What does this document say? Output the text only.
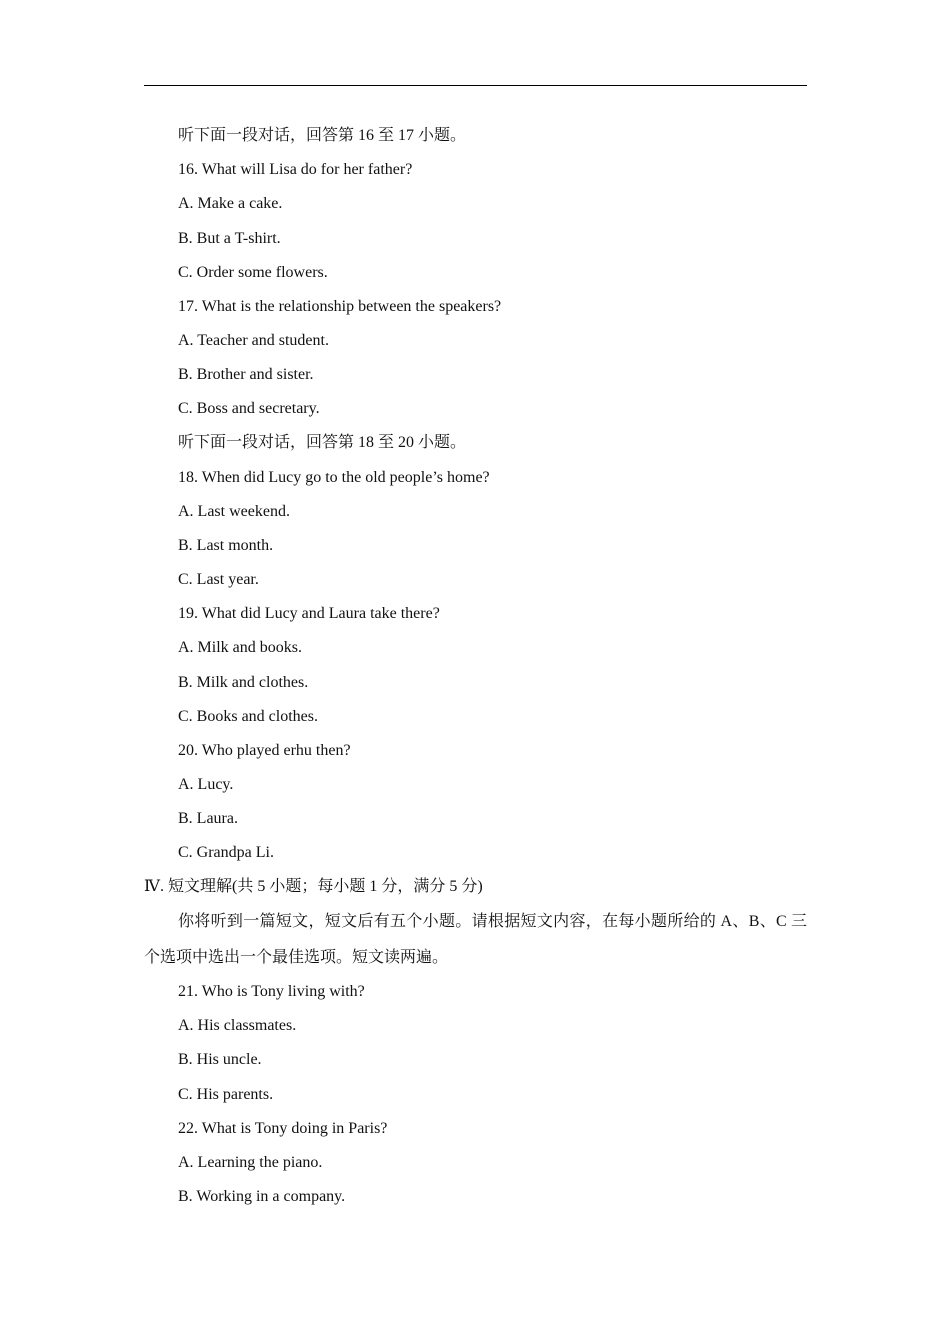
听下面一段对话，回答第 16 至 17 小题。
16. What will Lisa do for her father?
A. Make a cake.
B. But a T-shirt.
C. Order some flowers.
17. What is the relationship between the speakers?
A. Teacher and student.
B. Brother and sister.
C. Boss and secretary.
听下面一段对话，回答第 18 至 20 小题。
18. When did Lucy go to the old people’s home?
A. Last weekend.
B. Last month.
C. Last year.
19. What did Lucy and Laura take there?
A. Milk and books.
B. Milk and clothes.
C. Books and clothes.
20. Who played erhu then?
A. Lucy.
B. Laura.
C. Grandpa Li.
Ⅳ. 短文理解(共 5 小题；每小题 1 分，满分 5 分)
你将听到一篇短文，短文后有五个小题。请根据短文内容，在每小题所给的 A、B、C 三
个选项中选出一个最佳选项。短文读两遍。
21. Who is Tony living with?
A. His classmates.
B. His uncle.
C. His parents.
22. What is Tony doing in Paris?
A. Learning the piano.
B. Working in a company.
